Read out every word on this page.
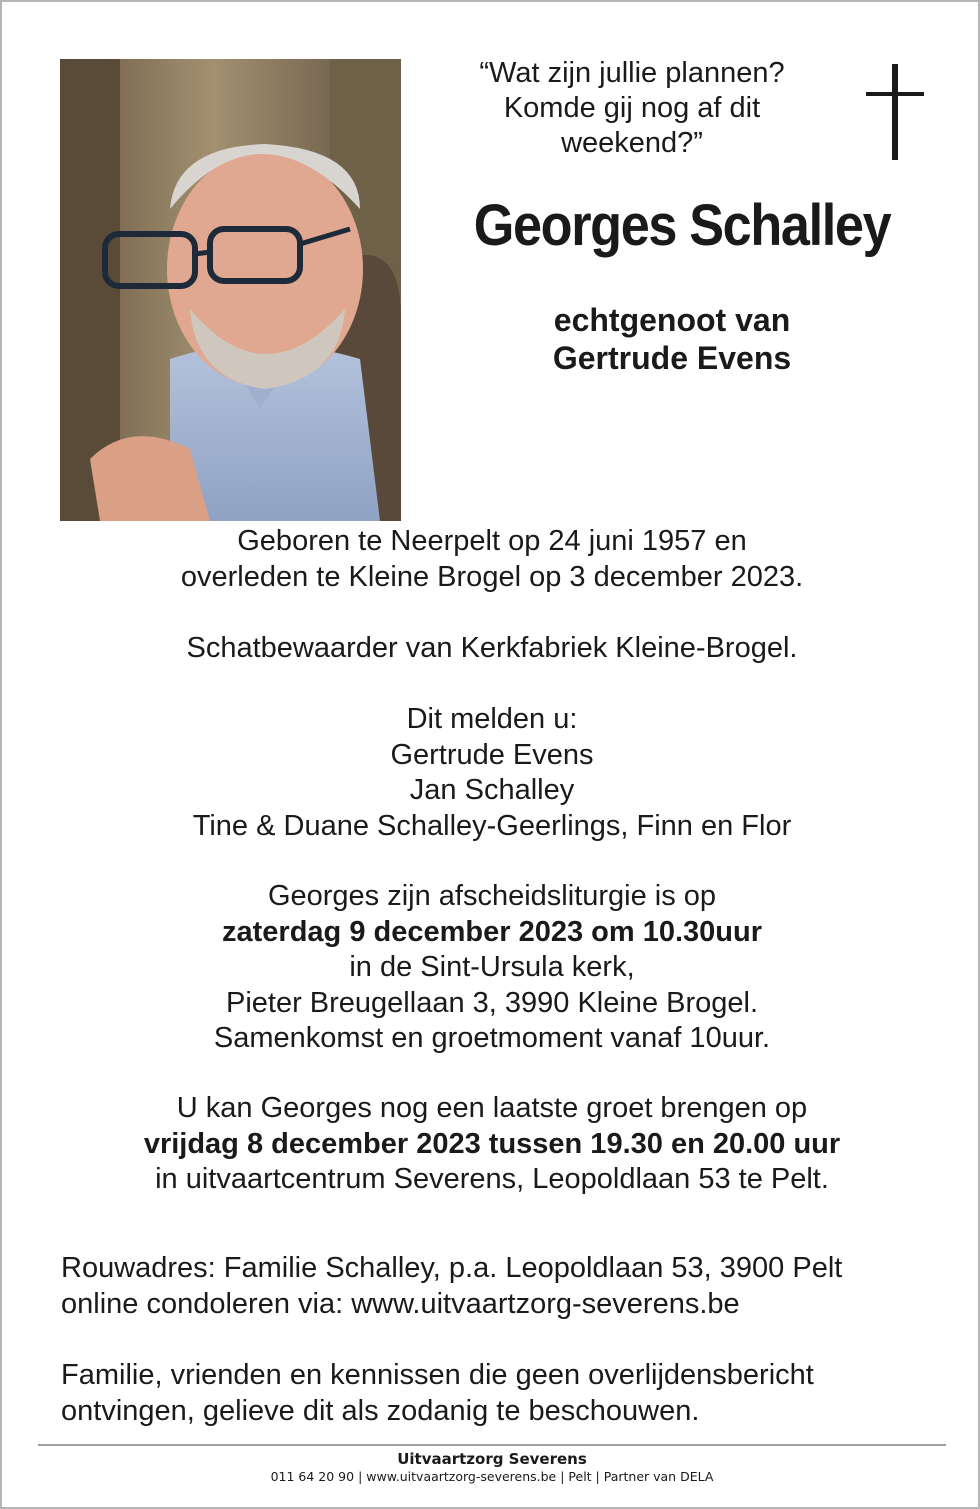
“Wat zijn jullie plannen?
Komde gij nog af dit
weekend?”
Georges Schalley
echtgenoot van
Gertrude Evens

Geboren te Neerpelt op 24 juni 1957 en

overleden te Kleine Brogel op 3 december 2023.

Schatbewaarder van Kerkfabriek Kleine-Brogel.

Dit melden u:

Gertrude Evens

Jan Schalley

Tine & Duane Schalley-Geerlings, Finn en Flor

Georges zijn afscheidsliturgie is op

zaterdag 9 december 2023 om 10.30uur

in de Sint-Ursula kerk,

Pieter Breugellaan 3, 3990 Kleine Brogel.

Samenkomst en groetmoment vanaf 10uur.

U kan Georges nog een laatste groet brengen op

vrijdag 8 december 2023 tussen 19.30 en 20.00 uur

in uitvaartcentrum Severens, Leopoldlaan 53 te Pelt.

Rouwadres: Familie Schalley, p.a. Leopoldlaan 53, 3900 Pelt

online condoleren via: www.uitvaartzorg-severens.be

Familie, vrienden en kennissen die geen overlijdensbericht

ontvingen, gelieve dit als zodanig te beschouwen.

Uitvaartzorg Severens
011 64 20 90 | www.uitvaartzorg-severens.be | Pelt | Partner van DELA
